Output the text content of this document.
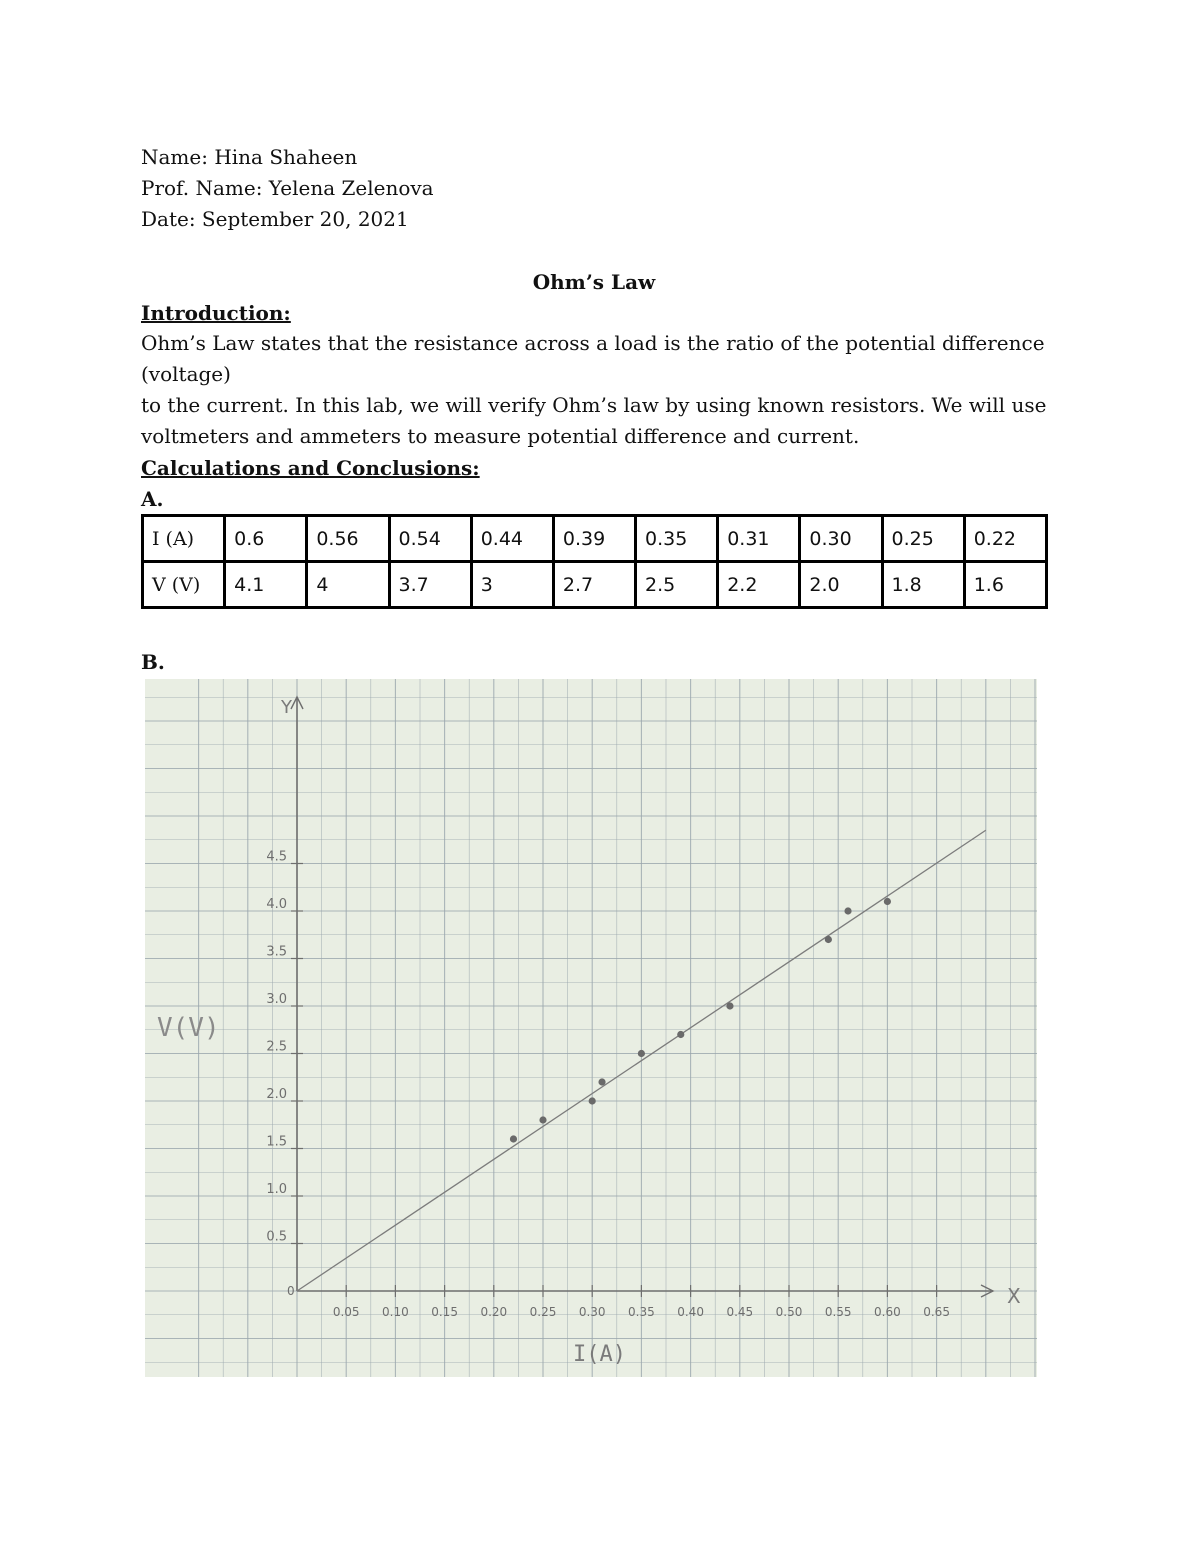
Name: Hina Shaheen
Prof. Name: Yelena Zelenova
Date: September 20, 2021
Ohm’s Law
Introduction:
Ohm’s Law states that the resistance across a load is the ratio of the potential difference (voltage)
to the current. In this lab, we will verify Ohm’s law by using known resistors. We will use
voltmeters and ammeters to measure potential difference and current.
Calculations and Conclusions:
A.
I (A)	0.6	0.56	0.54	0.44	0.39	0.35	0.31	0.30	0.25	0.22
V (V)	4.1	4	3.7	3	2.7	2.5	2.2	2.0	1.8	1.6
B.
0.05 0.10 0.15 0.20 0.25 0.30 0.35 0.40 0.45 0.50 0.55 0.60 0.65
0.5
1.0
1.5
2.0
2.5
3.0
3.5
4.0
4.5
V(V)
I(A)
Y
X
0
